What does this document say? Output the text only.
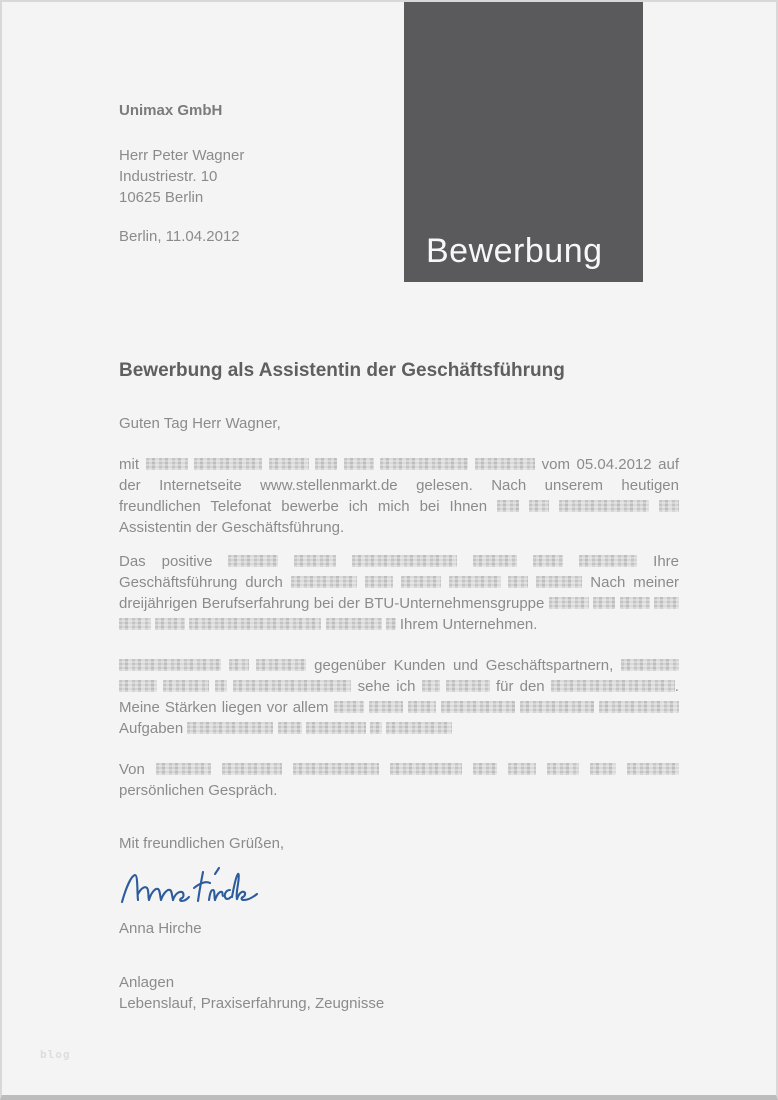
Bewerbung
Unimax GmbH
Herr Peter Wagner
Industriestr. 10
10625 Berlin
Berlin, 11.04.2012
Bewerbung als Assistentin der Geschäftsführung
Guten Tag Herr Wagner,

mit	vom 05.04.2012 auf der Internetseite www.stellenmarkt.de gelesen. Nach unserem heutigen freundlichen Telefonat bewerbe ich mich bei Ihnen     Assistentin der Geschäftsführung.

Das positive	Ihre Geschäftsführung durch	Nach meiner dreijährigen Berufserfahrung bei der BTU-Unternehmensgruppe          Ihrem Unternehmen.

gegenüber Kunden und Geschäftspartnern,      sehe ich	für den	. Meine Stärken liegen vor allem       Aufgaben

Von          persönlichen Gespräch.

Mit freundlichen Grüßen,
Anna Hirche
Anlagen
Lebenslauf, Praxiserfahrung, Zeugnisse
blog
